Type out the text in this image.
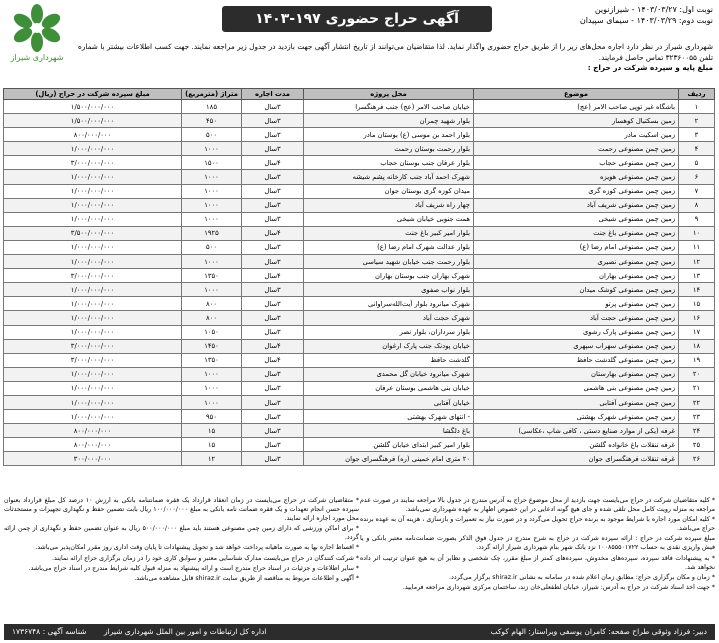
آگهی حراج حضوری ۱۹۷-۱۴۰۳
نوبت اول: ۱۴۰۳/۰۳/۲۷ - شیرازنوین
نوبت دوم: ۱۴۰۳/۰۳/۲۹ - سیمای سپیدان
شهرداری شیراز
شهرداری شیراز در نظر دارد اجاره محل‌های زیر را از طریق حراج حضوری واگذار نماید. لذا متقاضیان می‌توانند از تاریخ انتشار آگهی جهت بازدید در جدول زیر مراجعه نمایند. جهت کسب اطلاعات بیشتر با شماره تلفن ۳۲۳۶۰۰۵۵ تماس حاصل فرمایند.
مبلغ پایه و سپرده شرکت در حراج :
ردیف	موضوع	محل پروژه	مدت اجاره	متراژ (مترمربع)	مبلغ سپرده شرکت در حراج (ریال)
۱	باشگاه غیر توپی صاحب الامر (عج)	خیابان صاحب الامر (عج) جنب فرهنگسرا	۳سال	۱۸۵	۱/۵۰۰/۰۰۰/۰۰۰
۲	زمین بسکتبال کوهسار	بلوار شهید چمران	۳سال	۴۵۰	۱/۵۰۰/۰۰۰/۰۰۰
۳	زمین اسکیت مادر	بلوار احمد بن موسی (ع) بوستان مادر	۳سال	۵۰۰	۸۰۰/۰۰۰/۰۰۰
۴	زمین چمن مصنوعی رحمت	بلوار رحمت بوستان رحمت	۳سال	۱۰۰۰	۱/۰۰۰/۰۰۰/۰۰۰
۵	زمین چمن مصنوعی حجاب	بلوار عرفان جنب بوستان حجاب	۴سال	۱۵۰۰	۳/۰۰۰/۰۰۰/۰۰۰
۶	زمین چمن مصنوعی هویزه	شهرک احمد آباد جنب کارخانه پشم شیشه	۳سال	۱۰۰۰	۱/۰۰۰/۰۰۰/۰۰۰
۷	زمین چمن مصنوعی کوزه گری	میدان کوزه گری بوستان جوان	۳سال	۱۰۰۰	۱/۰۰۰/۰۰۰/۰۰۰
۸	زمین چمن مصنوعی شریف آباد	چهار راه شریف آباد	۳سال	۱۰۰۰	۱/۰۰۰/۰۰۰/۰۰۰
۹	زمین چمن مصنوعی شیخی	همت جنوبی خیابان شیخی	۳سال	۱۰۰۰	۱/۰۰۰/۰۰۰/۰۰۰
۱۰	زمین چمن مصنوعی باغ جنت	بلوار امیر کبیر باغ جنت	۴سال	۱۹۲۵	۳/۵۰۰/۰۰۰/۰۰۰
۱۱	زمین چمن مصنوعی امام رضا (ع)	بلوار عدالت شهرک امام رضا (ع)	۳سال	۵۰۰	۱/۰۰۰/۰۰۰/۰۰۰
۱۲	زمین چمن مصنوعی نصیری	بلوار رحمت جنب خیابان شهید سیاسی	۳سال	۱۰۰۰	۱/۰۰۰/۰۰۰/۰۰۰
۱۳	زمین چمن مصنوعی بهاران	شهرک بهاران جنب بوستان بهاران	۴سال	۱۳۵۰	۳/۰۰۰/۰۰۰/۰۰۰
۱۴	زمین چمن مصنوعی کوشک میدان	بلوار نواب صفوی	۳سال	۱۰۰۰	۱/۰۰۰/۰۰۰/۰۰۰
۱۵	زمین چمن مصنوعی پرتو	شهرک میانرود بلوار آیت‌الله‌سراوانی	۳سال	۸۰۰	۱/۰۰۰/۰۰۰/۰۰۰
۱۶	زمین چمن مصنوعی حجت آباد	شهرک حجت آباد	۳سال	۸۰۰	۱/۰۰۰/۰۰۰/۰۰۰
۱۷	زمین چمن مصنوعی پارک رشوی	بلوار سرداران، بلوار نصر	۳سال	۱۰۵۰	۱/۰۰۰/۰۰۰/۰۰۰
۱۸	زمین چمن مصنوعی سهراب سپهری	خیابان پودنک جنب پارک ارغوان	۴سال	۱۴۵۰	۳/۰۰۰/۰۰۰/۰۰۰
۱۹	زمین چمن مصنوعی گلدشت حافظ	گلدشت حافظ	۴سال	۱۳۵۰	۳/۰۰۰/۰۰۰/۰۰۰
۲۰	زمین چمن مصنوعی بهارستان	شهرک میانرود خیابان گل محمدی	۳سال	۱۰۰۰	۱/۰۰۰/۰۰۰/۰۰۰
۲۱	زمین چمن مصنوعی بنی هاشمی	خیابان بنی هاشمی بوستان عرفان	۳سال	۱۰۰۰	۱/۰۰۰/۰۰۰/۰۰۰
۲۲	زمین چمن مصنوعی آفتابی	خیابان آفتابی	۳سال	۱۰۰۰	۱/۰۰۰/۰۰۰/۰۰۰
۲۳	زمین چمن مصنوعی شهرک بهشتی	- انتهای شهرک بهشتی	۳سال	۹۵۰	۱/۰۰۰/۰۰۰/۰۰۰
۲۴	غرفه (یکی از موارد صنایع دستی ، کافی شاپ ،عکاسی)	باغ دلگشا	۳سال	۱۵	۸۰۰/۰۰۰/۰۰۰
۲۵	غرفه تنقلات باغ خانواده گلشن	بلوار امیر کبیر ابتدای خیابان گلشن	۳سال	۱۵	۸۰۰/۰۰۰/۰۰۰
۲۶	غرفه تنقلات فرهنگسرای جوان	۲۰ متری امام خمینی (ره) فرهنگسرای جوان	۳سال	۱۲	۳۰۰/۰۰۰/۰۰۰

* کلیه متقاضیان شرکت در حراج می‌بایست جهت بازدید از محل موضوع حراج به آدرس مندرج در جدول بالا مراجعه نمایند در صورت عدم مراجعه به منزله رویت کامل محل تلقی شده و جای هیچ گونه ادعایی در این خصوص اظهار به عهده شهرداری نمی‌باشد.

* کلیه امکان مورد اجاره با شرایط موجود به برنده حراج تحویل می‌گردد و در صورت نیاز به تعمیرات و بازسازی ، هزینه آن به عهده برنده حراج می‌باشد.

مبلغ سپرده شرکت در حراج : ارائه سپرده شرکت در حراج به شرح مندرج در جدول فوق الذکر بصورت ضمانت‌نامه معتبر بانکی و یا فیش واریزی نقدی به حساب ۱۰۰۸۵۵۵۰۱۷۲۲ نزد بانک شهر بنام شهرداری شیراز ارائه گردد.

* به پیشنهادات فاقد سپرده، سپرده‌های مخدوش، سپرده‌های کمتر از مبلغ مقرر، چک شخصی و نظایر آن به هیچ عنوان ترتیب اثر داده نخواهد شد.

* زمان و مکان برگزاری حراج: مطابق زمان اعلام شده در سامانه به نشانی shiraz.ir برگزار می‌گردد.

* جهت اخذ اسناد شرکت در حراج به آدرس: شیراز، خیابان لطفعلی‌خان زند، ساختمان مرکزی شهرداری مراجعه فرمایید.

* متقاضیان شرکت در حراج می‌بایست در زمان انعقاد قرارداد یک فقره ضمانتنامه بانکی به ارزش ۱۰ درصد کل مبلغ قرارداد بعنوان سپرده حسن انجام تعهدات و یک فقره ضمانت نامه بانکی به مبلغ ۱۰۰/۰۰۰/۰۰۰ ریال بابت تضمین حفظ و نگهداری تجهیزات و مستحدثات محل مورد اجاره ارائه نمایند.

* برای اماکن ورزشی که دارای زمین چمن مصنوعی هستند باید مبلغ ۵۰۰/۰۰۰/۰۰۰ ریال به عنوان تضمین حفظ و نگهداری از چمن ارائه گردد.

* اقساط اجاره بها به صورت ماهیانه پرداخت خواهد شد و تحویل پیشنهادات تا پایان وقت اداری روز مقرر امکان‌پذیر می‌باشد.

* شرکت کنندگان در حراج می‌بایست مدارک شناسایی معتبر و سوابق کاری خود را در زمان برگزاری حراج ارائه نمایند.

* سایر اطلاعات و جزئیات در اسناد حراج مندرج است و ارائه پیشنهاد به منزله قبول کلیه شرایط مندرج در اسناد حراج می‌باشد.

* آگهی و اطلاعات مربوط به مناقصه از طریق سایت shiraz.ir قابل مشاهده می‌باشد.

دبیر: فرزاد وثوقی طراح صفحه: کامران یوسفی ویراستار: الهام کوکب
اداره کل ارتباطات و امور بین الملل شهرداری شیراز
شناسه آگهی : ۱۷۳۶۷۴۸
